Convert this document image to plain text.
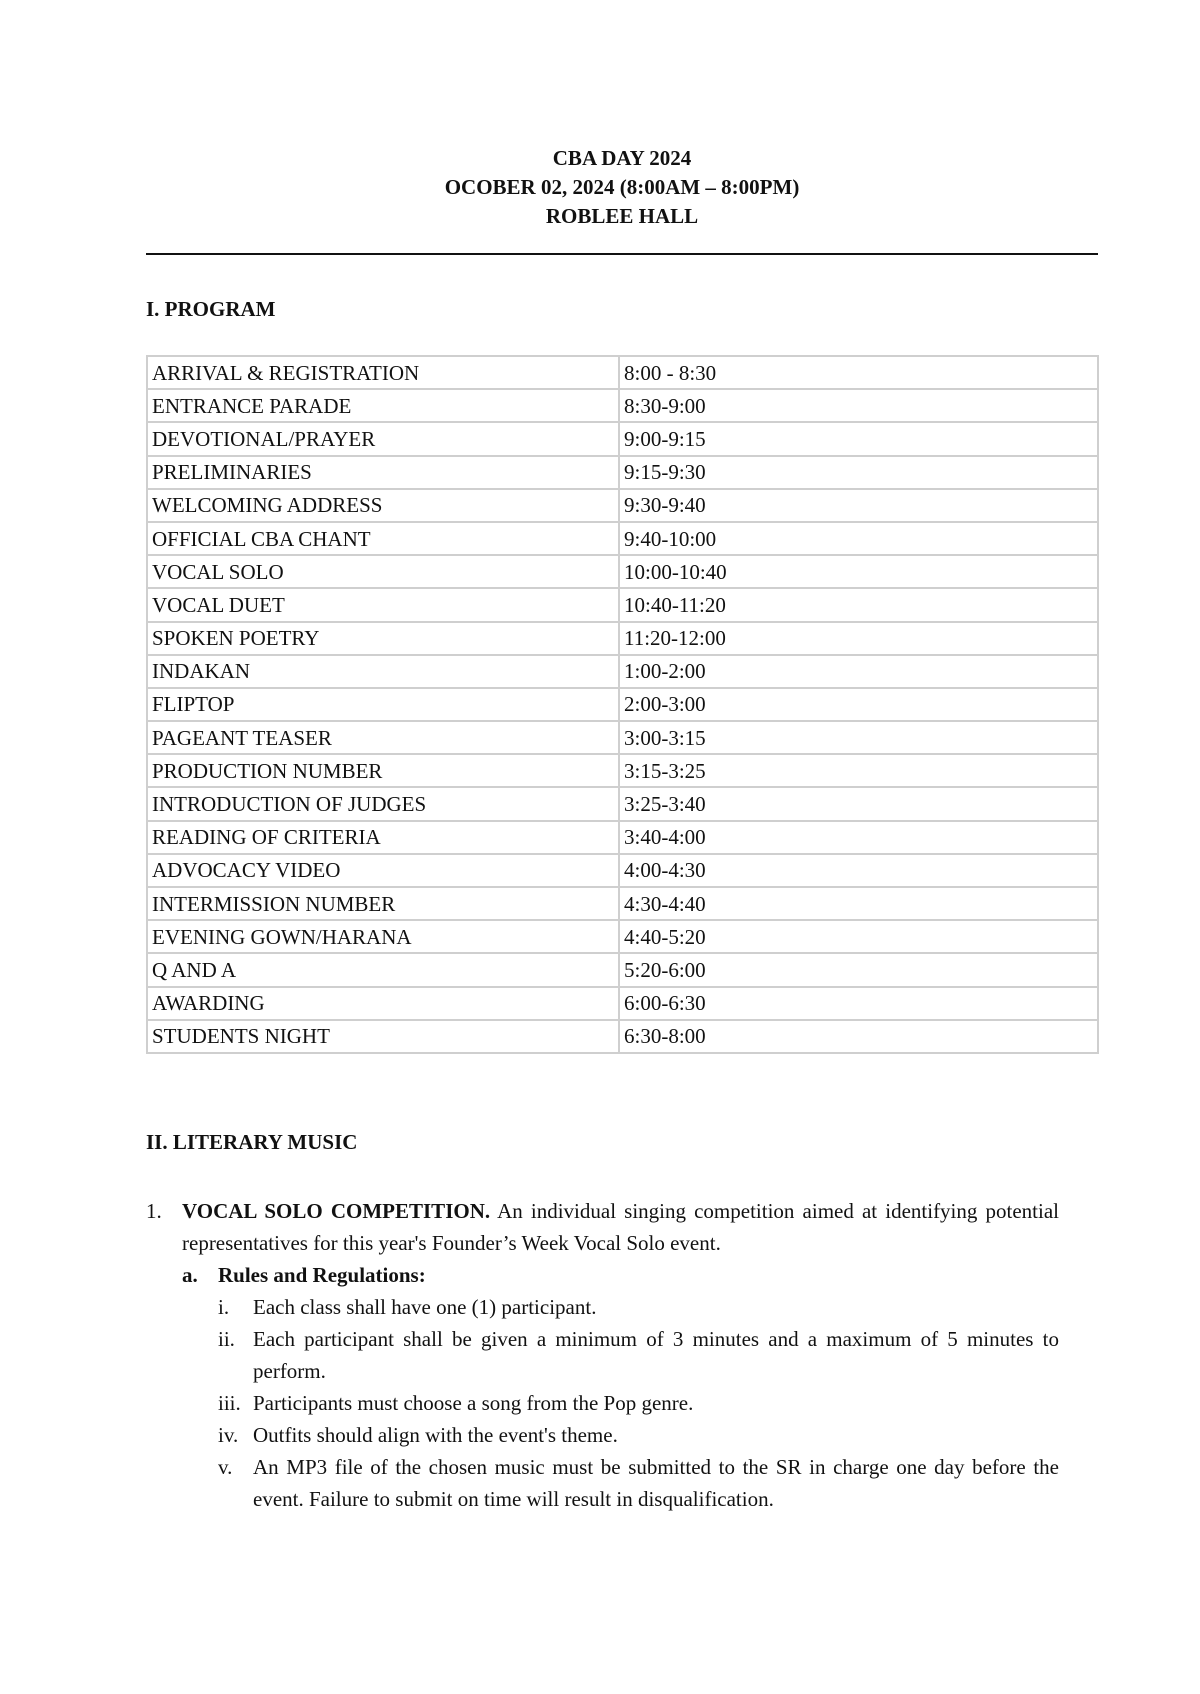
CBA DAY 2024
OCOBER 02, 2024 (8:00AM – 8:00PM)
ROBLEE HALL
I. PROGRAM
ARRIVAL & REGISTRATION	8:00 - 8:30
ENTRANCE PARADE	8:30-9:00
DEVOTIONAL/PRAYER	9:00-9:15
PRELIMINARIES	9:15-9:30
WELCOMING ADDRESS	9:30-9:40
OFFICIAL CBA CHANT	9:40-10:00
VOCAL SOLO	10:00-10:40
VOCAL DUET	10:40-11:20
SPOKEN POETRY	11:20-12:00
INDAKAN	1:00-2:00
FLIPTOP	2:00-3:00
PAGEANT TEASER	3:00-3:15
PRODUCTION NUMBER	3:15-3:25
INTRODUCTION OF JUDGES	3:25-3:40
READING OF CRITERIA	3:40-4:00
ADVOCACY VIDEO	4:00-4:30
INTERMISSION NUMBER	4:30-4:40
EVENING GOWN/HARANA	4:40-5:20
Q AND A	5:20-6:00
AWARDING	6:00-6:30
STUDENTS NIGHT	6:30-8:00
II. LITERARY MUSIC
1. VOCAL SOLO COMPETITION. An individual singing competition aimed at identifying potential representatives for this year's Founder’s Week Vocal Solo event.
a. Rules and Regulations:
i. Each class shall have one (1) participant.
ii. Each participant shall be given a minimum of 3 minutes and a maximum of 5 minutes to perform.
iii. Participants must choose a song from the Pop genre.
iv. Outfits should align with the event's theme.
v. An MP3 file of the chosen music must be submitted to the SR in charge one day before the event. Failure to submit on time will result in disqualification.
